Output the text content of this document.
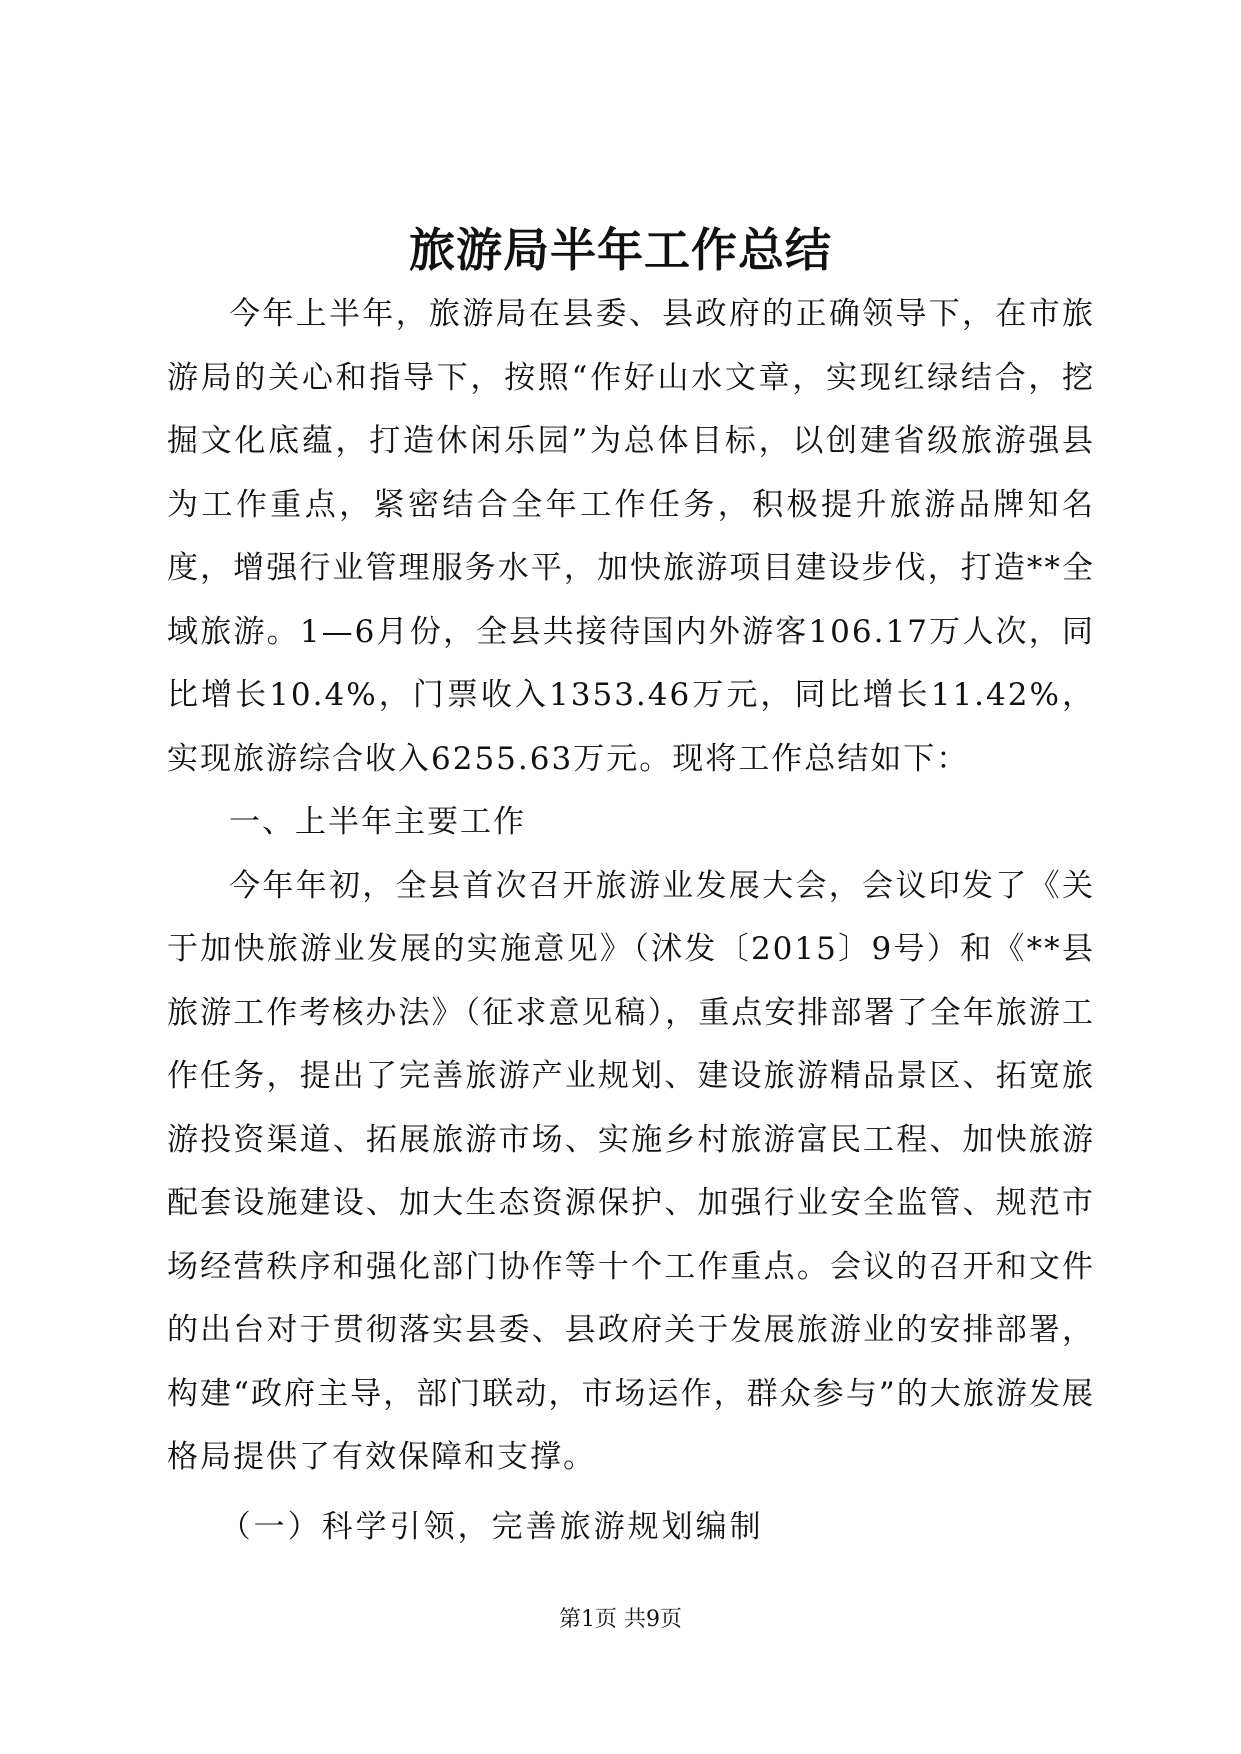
旅游局半年工作总结

今年上半年，旅游局在县委、县政府的正确领导下，在市旅游局的关心和指导下，按照“作好山水文章，实现红绿结合，挖掘文化底蕴，打造休闲乐园”为总体目标，以创建省级旅游强县为工作重点，紧密结合全年工作任务，积极提升旅游品牌知名度，增强行业管理服务水平，加快旅游项目建设步伐，打造**全域旅游。1—6月份，全县共接待国内外游客106.17万人次，同比增长10.4%，门票收入1353.46万元，同比增长11.42%，实现旅游综合收入6255.63万元。现将工作总结如下：

一、上半年主要工作

今年年初，全县首次召开旅游业发展大会，会议印发了《关于加快旅游业发展的实施意见》（沭发〔2015〕9号）和《**县旅游工作考核办法》（征求意见稿），重点安排部署了全年旅游工作任务，提出了完善旅游产业规划、建设旅游精品景区、拓宽旅游投资渠道、拓展旅游市场、实施乡村旅游富民工程、加快旅游配套设施建设、加大生态资源保护、加强行业安全监管、规范市场经营秩序和强化部门协作等十个工作重点。会议的召开和文件的出台对于贯彻落实县委、县政府关于发展旅游业的安排部署，构建“政府主导，部门联动，市场运作，群众参与”的大旅游发展格局提供了有效保障和支撑。

（一）科学引领，完善旅游规划编制

第1页 共9页
